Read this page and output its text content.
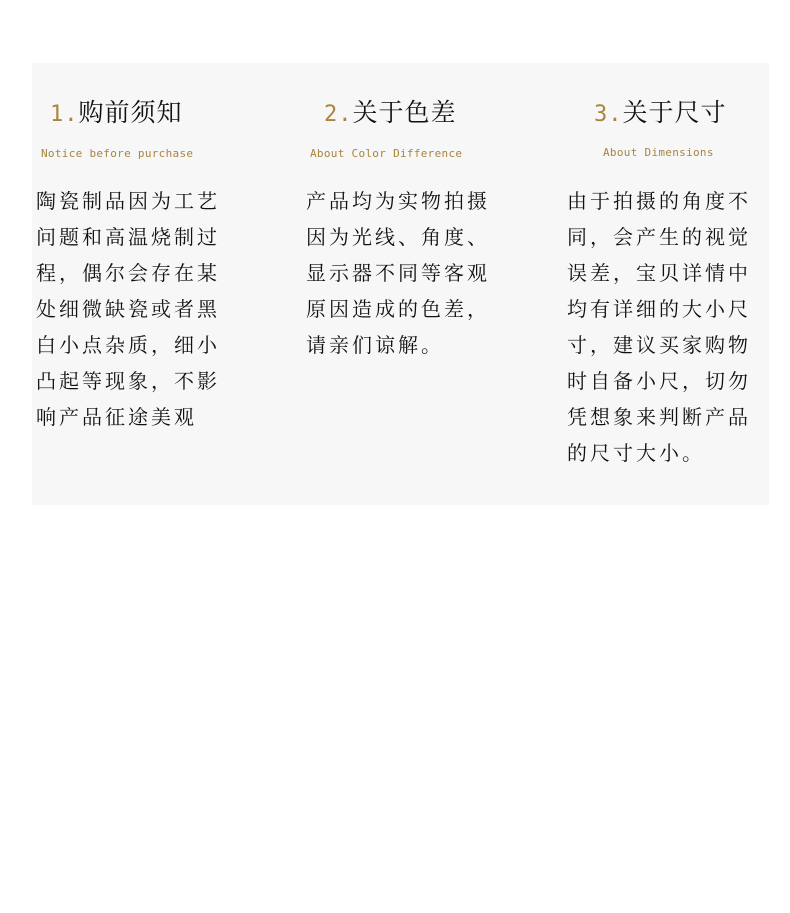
1.购前须知
Notice before purchase
陶瓷制品因为工艺
问题和高温烧制过
程，偶尔会存在某
处细微缺瓷或者黑
白小点杂质，细小
凸起等现象，不影
响产品征途美观
2.关于色差
About Color Difference
产品均为实物拍摄
因为光线、角度、
显示器不同等客观
原因造成的色差，
请亲们谅解。
3.关于尺寸
About Dimensions
由于拍摄的角度不
同，会产生的视觉
误差，宝贝详情中
均有详细的大小尺
寸，建议买家购物
时自备小尺，切勿
凭想象来判断产品
的尺寸大小。
